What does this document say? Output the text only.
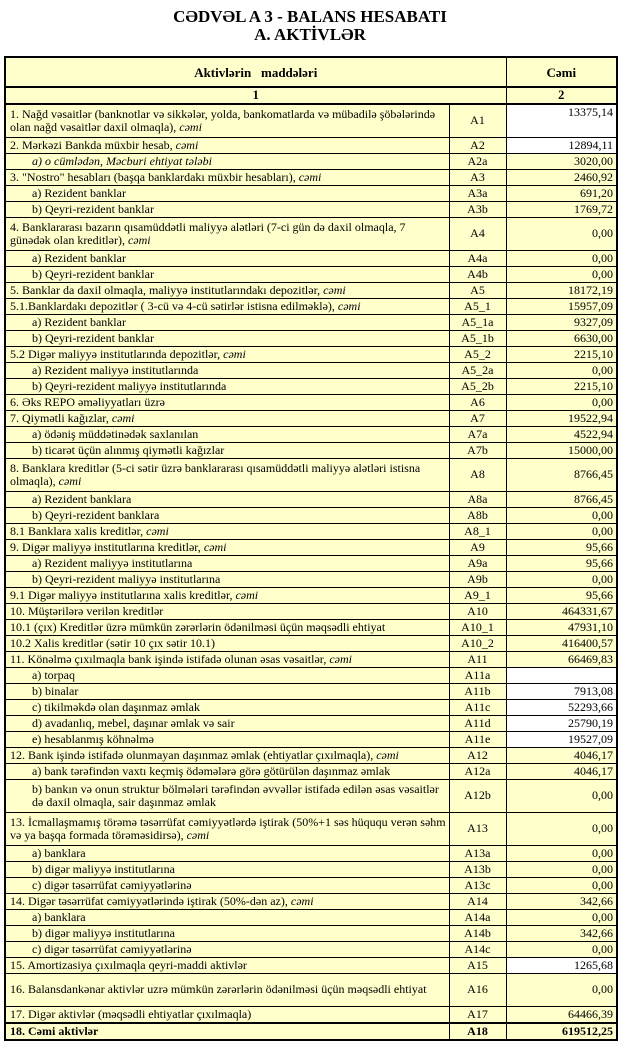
CƏDVƏL A 3 - BALANS HESABATI
A. AKTİVLƏR
Aktivlərin   maddələri		Cəmi
1		2
1. Nağd vəsaitlər (banknotlar və sikkələr, yolda, bankomatlarda və mübadilə şöbələrində olan nağd vəsaitlər daxil olmaqla), cəmi	A1	13375,14
2. Mərkəzi Bankda müxbir hesab, cəmi	A2	12894,11
a) o cümlədən, Məcburi ehtiyat tələbi	A2a	3020,00
3. "Nostro" hesabları (başqa banklardakı müxbir hesabları), cəmi	A3	2460,92
a) Rezident banklar	A3a	691,20
b) Qeyri-rezident banklar	A3b	1769,72
4. Banklararası bazarın qısamüddətli maliyyə alətləri (7-ci gün də daxil olmaqla, 7 günədək olan kreditlər), cəmi	A4	0,00
a) Rezident banklar	A4a	0,00
b) Qeyri-rezident banklar	A4b	0,00
5. Banklar da daxil olmaqla, maliyyə institutlarındakı depozitlər, cəmi	A5	18172,19
5.1.Banklardakı depozitlər ( 3-cü və 4-cü sətirlər istisna edilməklə), cəmi	A5_1	15957,09
a) Rezident banklar	A5_1a	9327,09
b) Qeyri-rezident banklar	A5_1b	6630,00
5.2 Digər maliyyə institutlarında depozitlər, cəmi	A5_2	2215,10
a) Rezident maliyyə institutlarında	A5_2a	0,00
b) Qeyri-rezident maliyyə institutlarında	A5_2b	2215,10
6. Əks REPO əməliyyatları üzrə	A6	0,00
7. Qiymətli kağızlar, cəmi	A7	19522,94
a) ödəniş müddətinədək saxlanılan	A7a	4522,94
b) ticarət üçün alınmış qiymətli kağızlar	A7b	15000,00
8. Banklara kreditlər (5-ci sətir üzrə banklararası qısamüddətli maliyyə alətləri istisna olmaqla), cəmi	A8	8766,45
a) Rezident banklara	A8a	8766,45
b) Qeyri-rezident banklara	A8b	0,00
8.1 Banklara xalis kreditlər, cəmi	A8_1	0,00
9. Digər maliyyə institutlarına kreditlər, cəmi	A9	95,66
a) Rezident maliyyə institutlarına	A9a	95,66
b) Qeyri-rezident maliyyə institutlarına	A9b	0,00
9.1 Digər maliyyə institutlarına xalis kreditlər, cəmi	A9_1	95,66
10. Müştərilərə verilən kreditlər	A10	464331,67
10.1 (çıx) Kreditlər üzrə mümkün zərərlərin ödənilməsi üçün məqsədli ehtiyat	A10_1	47931,10
10.2 Xalis kreditlər (sətir 10 çıx sətir 10.1)	A10_2	416400,57
11. Könəlmə çıxılmaqla bank işində istifadə olunan əsas vəsaitlər, cəmi	A11	66469,83
a) torpaq	A11a	
b) binalar	A11b	7913,08
c) tikilməkdə olan daşınmaz əmlak	A11c	52293,66
d) avadanlıq, mebel, daşınar əmlak və sair	A11d	25790,19
e) hesablanmış köhnəlmə	A11e	19527,09
12. Bank işində istifadə olunmayan daşınmaz əmlak (ehtiyatlar çıxılmaqla), cəmi	A12	4046,17
a) bank tərəfindən vaxtı keçmiş ödəmələrə görə götürülən daşınmaz əmlak	A12a	4046,17
b) bankın və onun struktur bölmələri tərəfindən əvvəllər istifadə edilən əsas vəsaitlər də daxil olmaqla, sair daşınmaz əmlak	A12b	0,00
13. İcmallaşmamış törəmə təsərrüfat cəmiyyətlərdə iştirak (50%+1 səs hüququ verən səhm və ya başqa formada törəməsidirsə), cəmi	A13	0,00
a) banklara	A13a	0,00
b) digər maliyyə institutlarına	A13b	0,00
c) digər təsərrüfat cəmiyyətlərinə	A13c	0,00
14. Digər təsərrüfat cəmiyyətlərində iştirak (50%-dən az), cəmi	A14	342,66
a) banklara	A14a	0,00
b) digər maliyyə institutlarına	A14b	342,66
c) digər təsərrüfat cəmiyyətlərinə	A14c	0,00
15. Amortizasiya çıxılmaqla qeyri-maddi aktivlər	A15	1265,68
16. Balansdankənar aktivlər uzrə mümkün zərərlərin ödənilməsi üçün məqsədli ehtiyat	A16	0,00
17. Digər aktivlər (məqsədli ehtiyatlar çıxılmaqla)	A17	64466,39
18. Cəmi aktivlər	A18	619512,25
